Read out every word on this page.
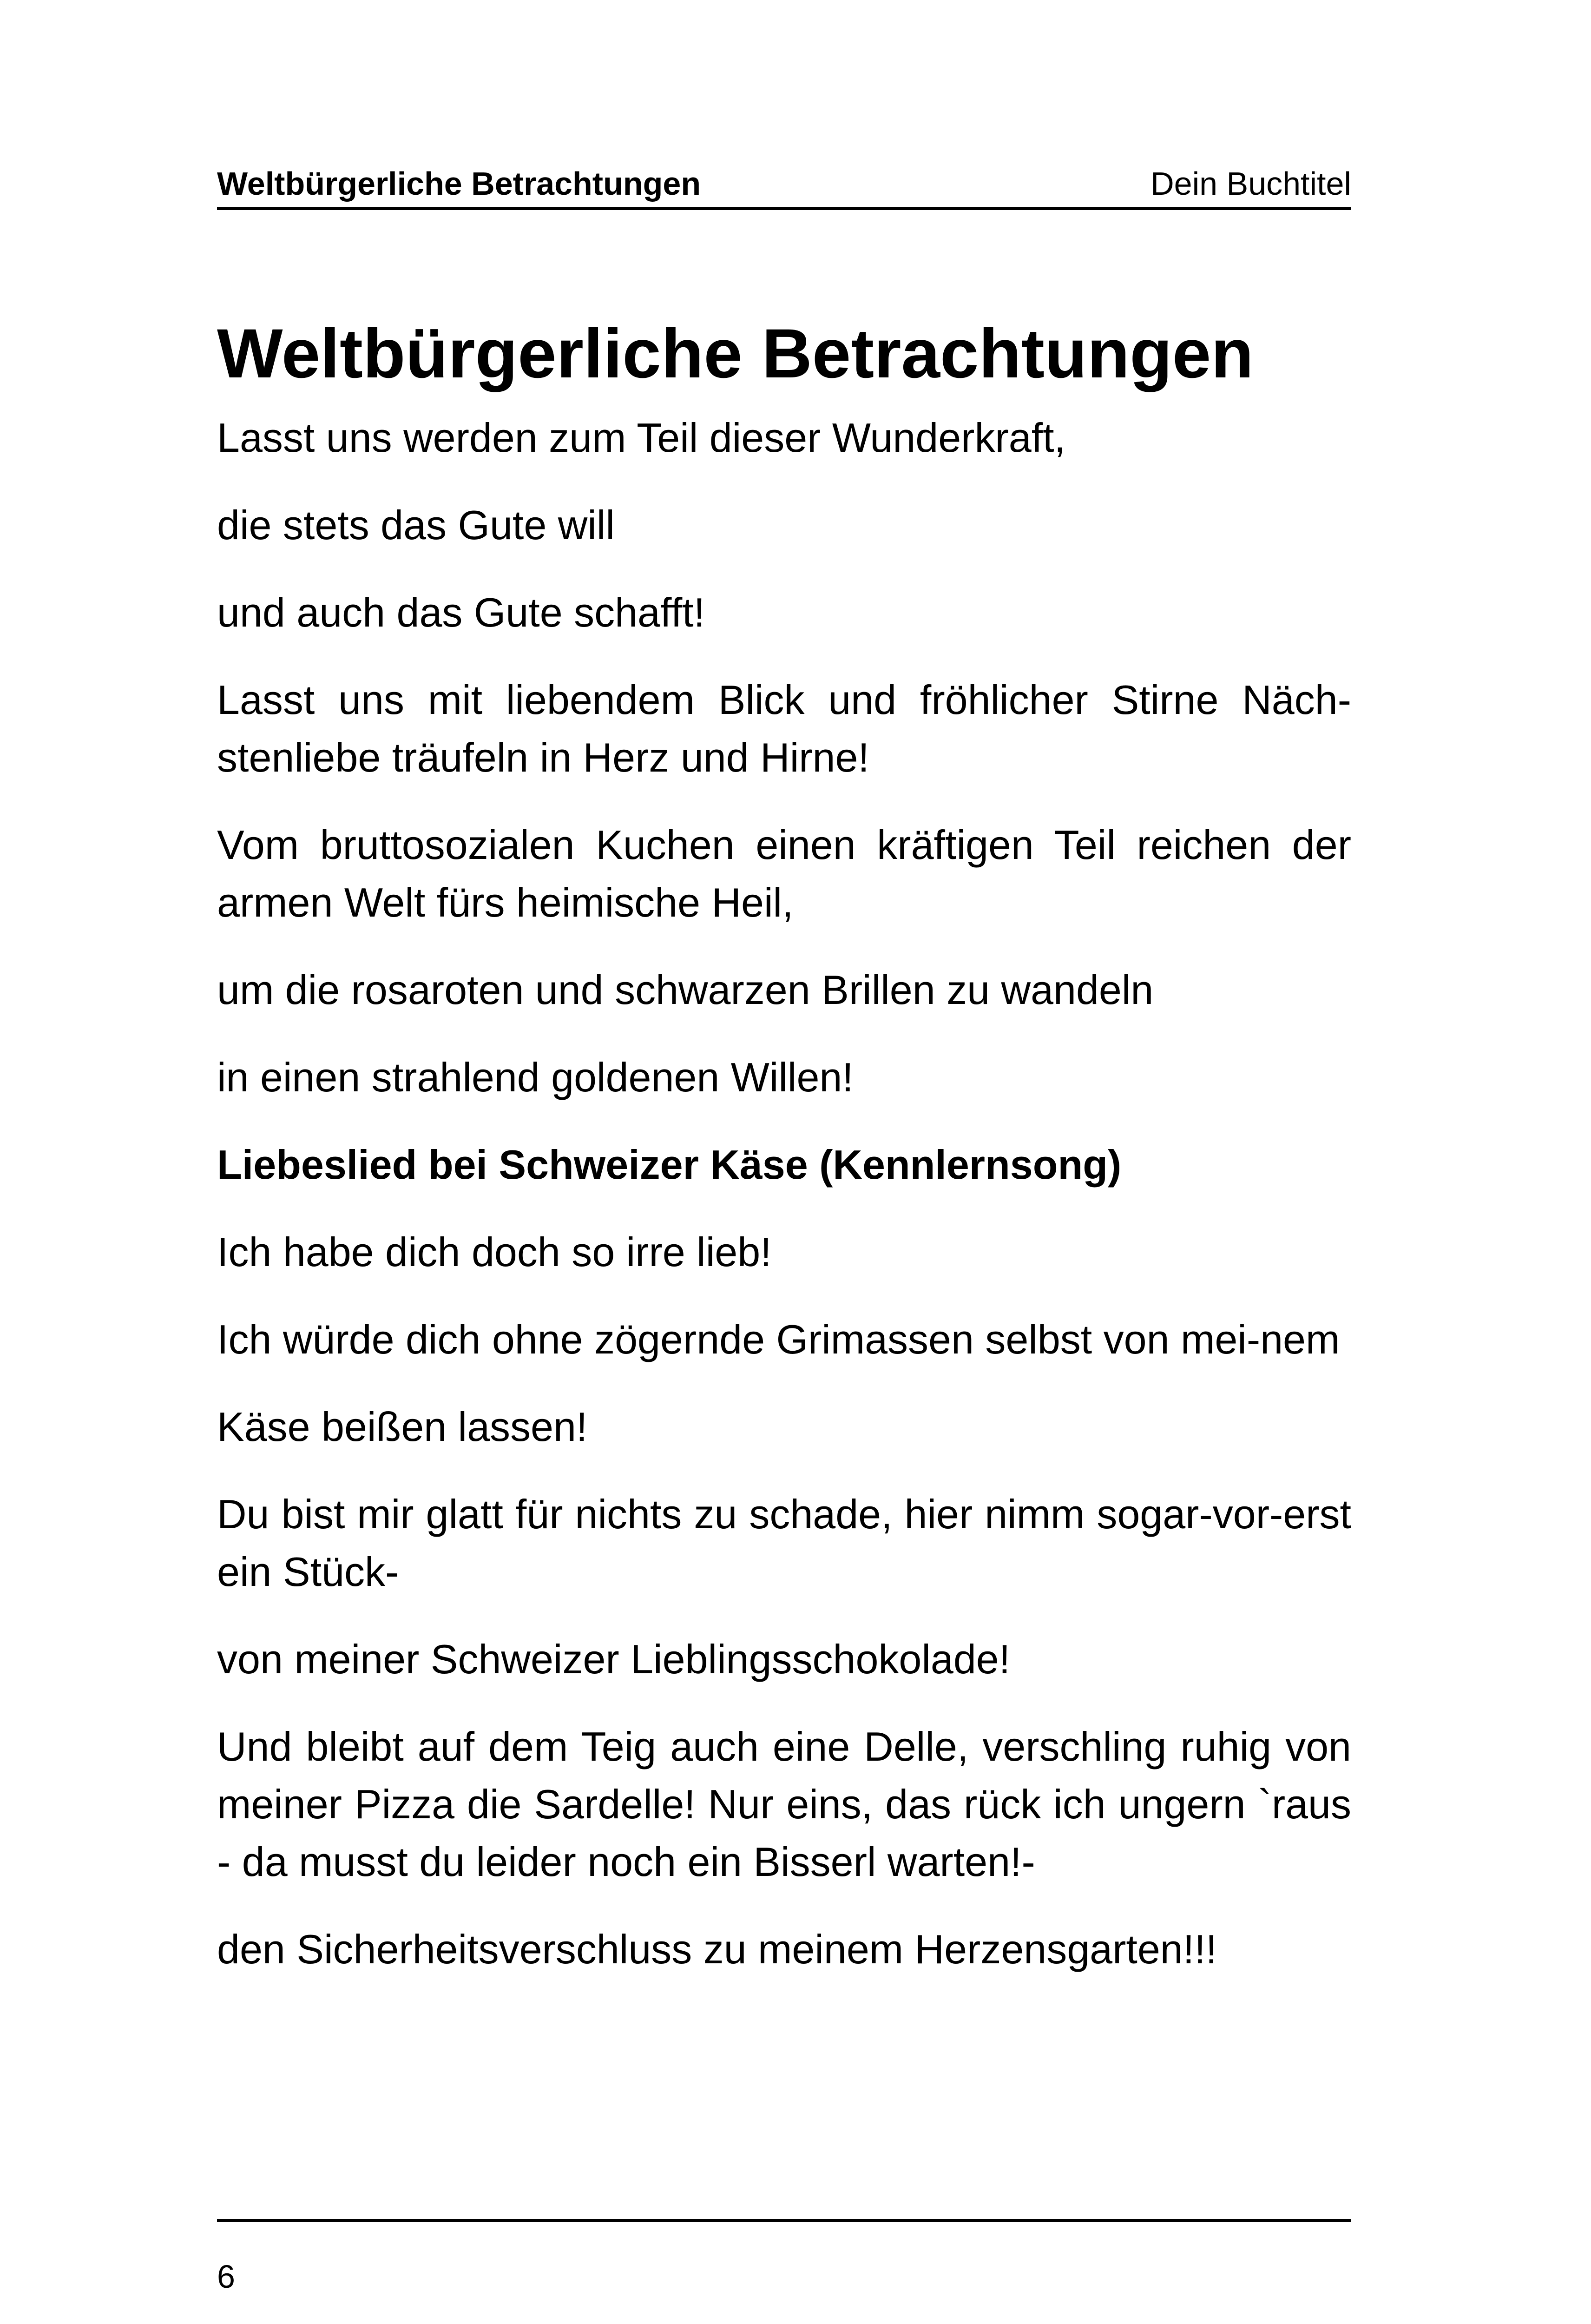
Weltbürgerliche Betrachtungen	Dein Buchtitel
Weltbürgerliche Betrachtungen

Lasst uns werden zum Teil dieser Wunderkraft,

die stets das Gute will

und auch das Gute schafft!

Lasst uns mit liebendem Blick und fröhlicher Stirne Näch-stenliebe träufeln in Herz und Hirne!

Vom bruttosozialen Kuchen einen kräftigen Teil reichen der armen Welt fürs heimische Heil,

um die rosaroten und schwarzen Brillen zu wandeln

in einen strahlend goldenen Willen!

Liebeslied bei Schweizer Käse (Kennlernsong)

Ich habe dich doch so irre lieb!

Ich würde dich ohne zögernde Grimassen selbst von mei-nem

Käse beißen lassen!

Du bist mir glatt für nichts zu schade, hier nimm sogar-vor-erst ein Stück-

von meiner Schweizer Lieblingsschokolade!

Und bleibt auf dem Teig auch eine Delle, verschling ruhig von meiner Pizza die Sardelle! Nur eins, das rück ich ungern `raus - da musst du leider noch ein Bisserl warten!-

den Sicherheitsverschluss zu meinem Herzensgarten!!!

6
